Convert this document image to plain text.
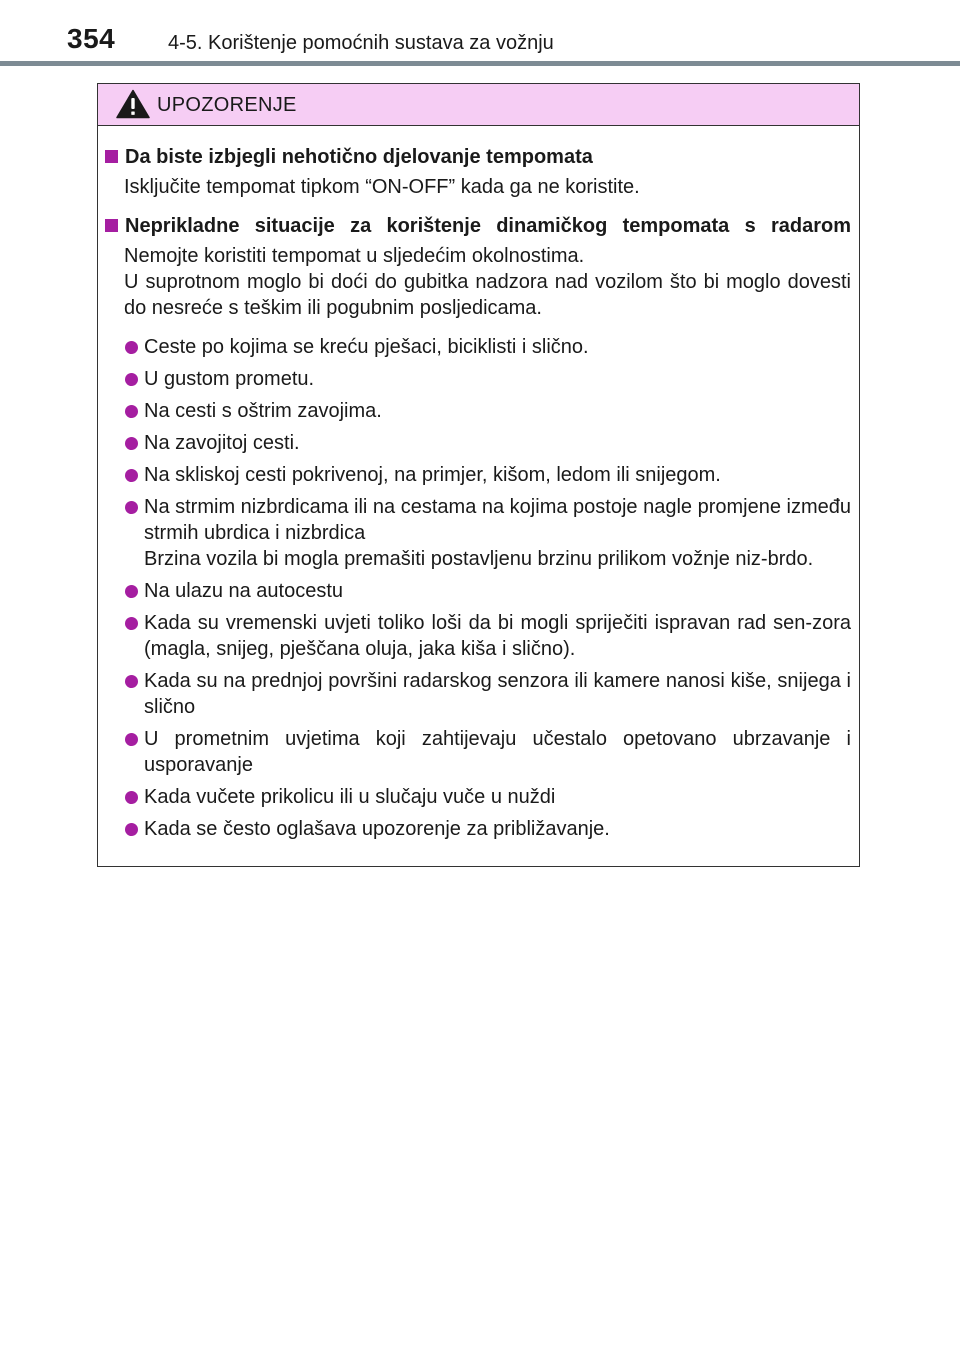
354	4-5. Korištenje pomoćnih sustava za vožnju
UPOZORENJE
Da biste izbjegli nehotično djelovanje tempomata

Isključite tempomat tipkom “ON-OFF” kada ga ne koristite.

Neprikladne situacije za korištenje dinamičkog tempomata s radarom

Nemojte koristiti tempomat u sljedećim okolnostima.

U suprotnom moglo bi doći do gubitka nadzora nad vozilom što bi moglo dovesti do nesreće s teškim ili pogubnim posljedicama.

Ceste po kojima se kreću pješaci, biciklisti i slično.

U gustom prometu.

Na cesti s oštrim zavojima.

Na zavojitoj cesti.

Na skliskoj cesti pokrivenoj, na primjer, kišom, ledom ili snijegom.

Na strmim nizbrdicama ili na cestama na kojima postoje nagle promjene između strmih ubrdica i nizbrdica

Brzina vozila bi mogla premašiti postavljenu brzinu prilikom vožnje niz-brdo.

Na ulazu na autocestu

Kada su vremenski uvjeti toliko loši da bi mogli spriječiti ispravan rad sen-zora (magla, snijeg, pješčana oluja, jaka kiša i slično).

Kada su na prednjoj površini radarskog senzora ili kamere nanosi kiše, snijega i slično

U prometnim uvjetima koji zahtijevaju učestalo opetovano ubrzavanje i usporavanje

Kada vučete prikolicu ili u slučaju vuče u nuždi

Kada se često oglašava upozorenje za približavanje.
